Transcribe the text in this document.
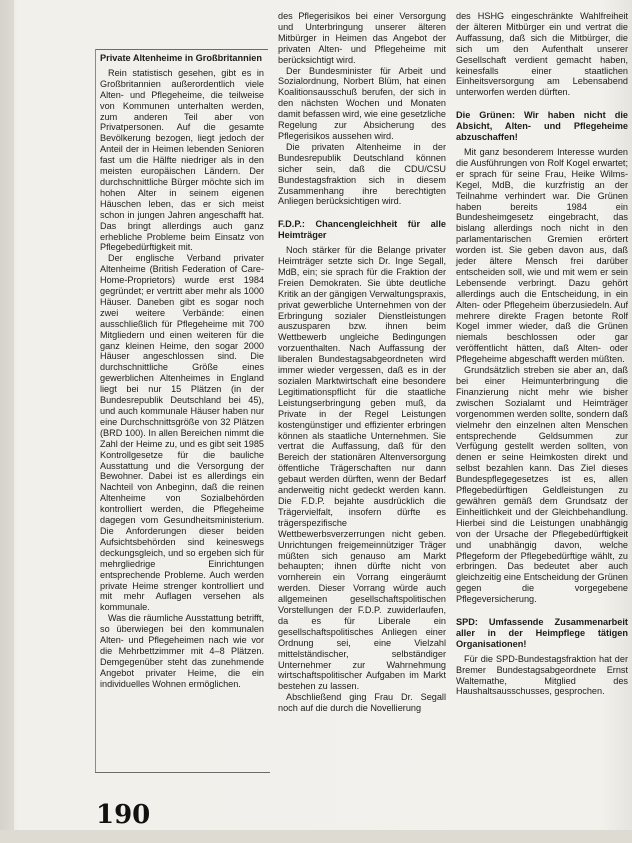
Private Altenheime in Großbritannien

Rein statistisch gesehen, gibt es in Großbritannien außerordentlich viele Alten- und Pflegeheime, die teilweise von Kommunen unterhalten werden, zum anderen Teil aber von Privatpersonen. Auf die gesamte Bevölkerung bezogen, liegt jedoch der Anteil der in Heimen lebenden Senioren fast um die Hälfte niedriger als in den meisten europäischen Ländern. Der durchschnittliche Bürger möchte sich im hohen Alter in seinem eigenen Häuschen leben, das er sich meist schon in jungen Jahren angeschafft hat. Das bringt allerdings auch ganz erhebliche Probleme beim Einsatz von Pflegebedürftigkeit mit.

Der englische Verband privater Altenheime (British Federation of Care-Home-Proprietors) wurde erst 1984 gegründet; er vertritt aber mehr als 1000 Häuser. Daneben gibt es sogar noch zwei weitere Verbände: einen ausschließlich für Pflegeheime mit 700 Mitgliedern und einen weiteren für die ganz kleinen Heime, den sogar 2000 Häuser angeschlossen sind. Die durchschnittliche Größe eines gewerblichen Altenheimes in England liegt bei nur 15 Plätzen (in der Bundesrepublik Deutschland bei 45), und auch kommunale Häuser haben nur eine Durchschnittsgröße von 32 Plätzen (BRD 100). In allen Bereichen nimmt die Zahl der Heime zu, und es gibt seit 1985 Kontrollgesetze für die bauliche Ausstattung und die Versorgung der Bewohner. Dabei ist es allerdings ein Nachteil von Anbeginn, daß die reinen Altenheime von Sozialbehörden kontrolliert werden, die Pflegeheime dagegen vom Gesundheitsministerium. Die Anforderungen dieser beiden Aufsichtsbehörden sind keineswegs deckungsgleich, und so ergeben sich für mehrgliedrige Einrichtungen entsprechende Probleme. Auch werden private Heime strenger kontrolliert und mit mehr Auflagen versehen als kommunale.

Was die räumliche Ausstattung betrifft, so überwiegen bei den kommunalen Alten- und Pflegeheimen nach wie vor die Mehrbettzimmer mit 4–8 Plätzen. Demgegenüber steht das zunehmende Angebot privater Heime, die ein individuelles Wohnen ermöglichen.

des Pflegerisikos bei einer Versorgung und Unterbringung unserer älteren Mitbürger in Heimen das Angebot der privaten Alten- und Pflegeheime mit berücksichtigt wird.

Der Bundesminister für Arbeit und Sozialordnung, Norbert Blüm, hat einen Koalitionsausschuß berufen, der sich in den nächsten Wochen und Monaten damit befassen wird, wie eine gesetzliche Regelung zur Absicherung des Pflegerisikos aussehen wird.

Die privaten Altenheime in der Bundesrepublik Deutschland können sicher sein, daß die CDU/CSU Bundestagsfraktion sich in diesem Zusammenhang ihre berechtigten Anliegen berücksichtigen wird.

F.D.P.: Chancengleichheit für alle Heimträger

Noch stärker für die Belange privater Heimträger setzte sich Dr. Inge Segall, MdB, ein; sie sprach für die Fraktion der Freien Demokraten. Sie übte deutliche Kritik an der gängigen Verwaltungspraxis, privat gewerbliche Unternehmen von der Erbringung sozialer Dienstleistungen auszusparen bzw. ihnen beim Wettbewerb ungleiche Bedingungen vorzuenthalten. Nach Auffassung der liberalen Bundestagsabgeordneten wird immer wieder vergessen, daß es in der sozialen Marktwirtschaft eine besondere Legitimationspflicht für die staatliche Leistungserbringung geben muß, da Private in der Regel Leistungen kostengünstiger und effizienter erbringen können als staatliche Unternehmen. Sie vertrat die Auffassung, daß für den Bereich der stationären Altenversorgung öffentliche Trägerschaften nur dann gebaut werden dürften, wenn der Bedarf anderweitig nicht gedeckt werden kann. Die F.D.P. bejahte ausdrücklich die Trägervielfalt, insofern dürfte es trägerspezifische Wettbewerbsverzerrungen nicht geben. Unrichtungen freigemeinnütziger Träger müßten sich genauso am Markt behaupten; ihnen dürfte nicht von vornherein ein Vorrang eingeräumt werden. Dieser Vorrang würde auch allgemeinen gesellschaftspolitischen Vorstellungen der F.D.P. zuwiderlaufen, da es für Liberale ein gesellschaftspolitisches Anliegen einer Ordnung sei, eine Vielzahl mittelständischer, selbständiger Unternehmer zur Wahrnehmung wirtschaftspolitischer Aufgaben im Markt bestehen zu lassen.

Abschließend ging Frau Dr. Segall noch auf die durch die Novellierung

des HSHG eingeschränkte Wahlfreiheit der älteren Mitbürger ein und vertrat die Auffassung, daß sich die Mitbürger, die sich um den Aufenthalt unserer Gesellschaft verdient gemacht haben, keinesfalls einer staatlichen Einheitsversorgung am Lebensabend unterworfen werden dürften.

Die Grünen: Wir haben nicht die Absicht, Alten- und Pflegeheime abzuschaffen!

Mit ganz besonderem Interesse wurden die Ausführungen von Rolf Kogel erwartet; er sprach für seine Frau, Heike Wilms-Kegel, MdB, die kurzfristig an der Teilnahme verhindert war. Die Grünen haben bereits 1984 ein Bundesheimgesetz eingebracht, das bislang allerdings noch nicht in den parlamentarischen Gremien erörtert worden ist. Sie geben davon aus, daß jeder ältere Mensch frei darüber entscheiden soll, wie und mit wem er sein Lebensende verbringt. Dazu gehört allerdings auch die Entscheidung, in ein Alten- oder Pflegeheim überzusiedeln. Auf mehrere direkte Fragen betonte Rolf Kogel immer wieder, daß die Grünen niemals beschlossen oder gar veröffentlicht hätten, daß Alten- oder Pflegeheime abgeschafft werden müßten.

Grundsätzlich streben sie aber an, daß bei einer Heimunterbringung die Finanzierung nicht mehr wie bisher zwischen Sozialamt und Heimträger vorgenommen werden sollte, sondern daß vielmehr den einzelnen alten Menschen entsprechende Geldsummen zur Verfügung gestellt werden sollten, von denen er seine Heimkosten direkt und selbst bezahlen kann. Das Ziel dieses Bundespflegegesetzes ist es, allen Pflegebedürftigen Geldleistungen zu gewähren gemäß dem Grundsatz der Einheitlichkeit und der Gleichbehandlung. Hierbei sind die Leistungen unabhängig von der Ursache der Pflegebedürftigkeit und unabhängig davon, welche Pflegeform der Pflegebedürftige wählt, zu erbringen. Das bedeutet aber auch gleichzeitig eine Entscheidung der Grünen gegen die vorgegebene Pflegeversicherung.

SPD: Umfassende Zusammenarbeit aller in der Heimpflege tätigen Organisationen!

Für die SPD-Bundestagsfraktion hat der Bremer Bundestagsabgeordnete Ernst Waltemathe, Mitglied des Haushaltsausschusses, gesprochen.

190
